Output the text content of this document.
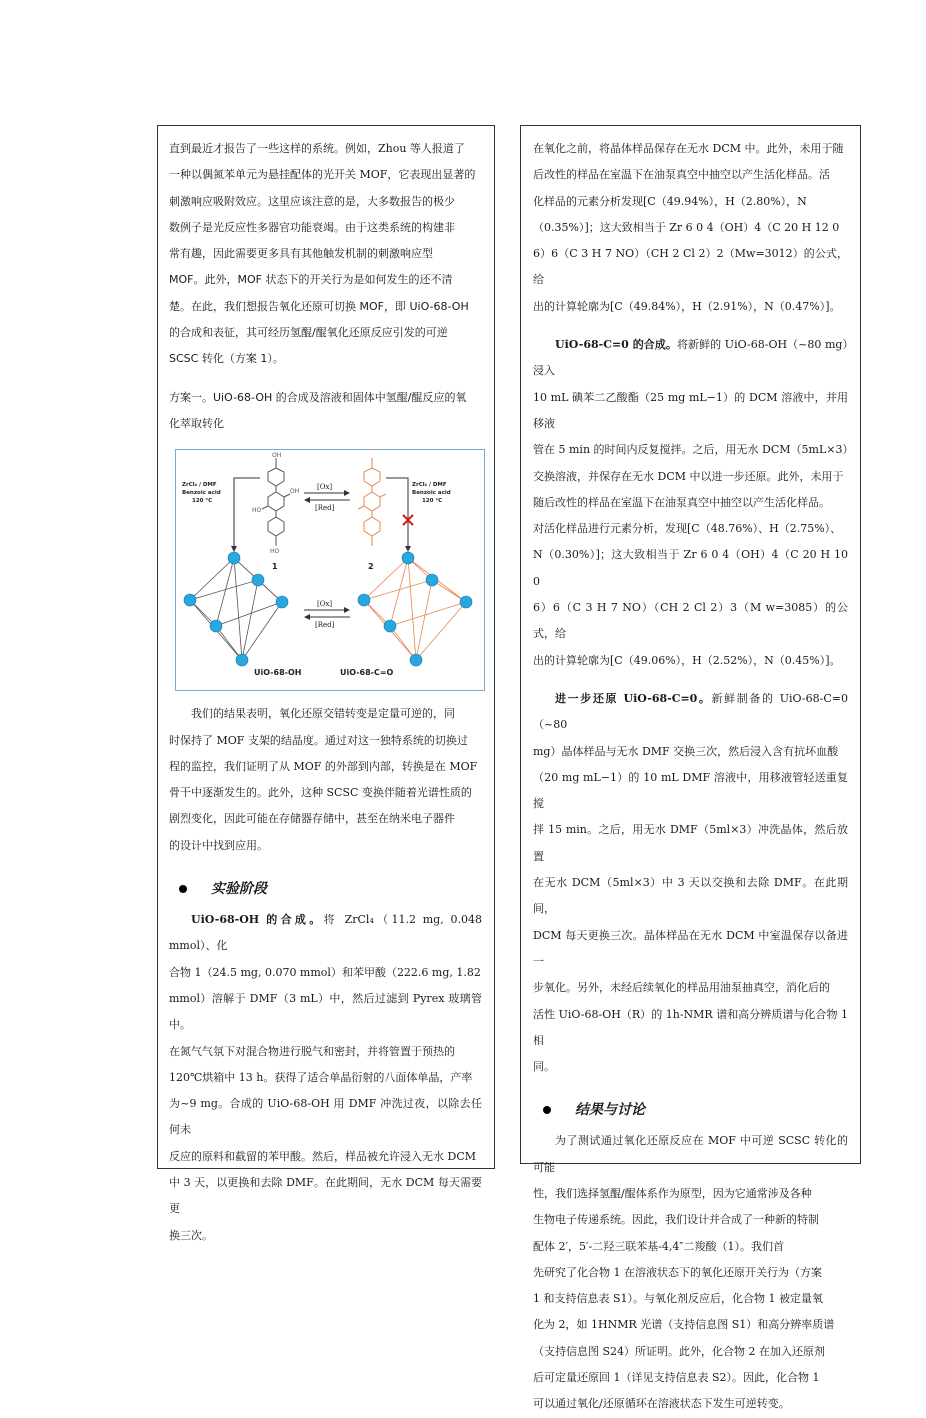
直到最近才报告了一些这样的系统。例如，Zhou 等人报道了

一种以偶氮苯单元为悬挂配体的光开关 MOF，它表现出显著的

刺激响应吸附效应。这里应该注意的是，大多数报告的极少

数例子是光反应性多器官功能衰竭。由于这类系统的构建非

常有趣，因此需要更多具有其他触发机制的刺激响应型

MOF。此外，MOF 状态下的开关行为是如何发生的还不清

楚。在此，我们想报告氧化还原可切换 MOF，即 UiO-68-OH

的合成和表征，其可经历氢醌/醌氧化还原反应引发的可逆

SCSC 转化（方案 1）。

方案一。UiO-68-OH 的合成及溶液和固体中氢醌/醌反应的氧

化萃取转化

OH
OH
HO
HO
1	2
[Ox]
[Red]
ZrCl₄ / DMF
Benzoic acid
120 °C
ZrCl₄ / DMF
Benzoic acid
120 °C
UiO-68-OH	UiO-68-C=O
[Ox]
[Red]

我们的结果表明，氧化还原交错转变是定量可逆的，同

时保持了 MOF 支架的结晶度。通过对这一独特系统的切换过

程的监控，我们证明了从 MOF 的外部到内部，转换是在 MOF

骨干中逐渐发生的。此外，这种 SCSC 变换伴随着光谱性质的

剧烈变化，因此可能在存储器存储中，甚至在纳米电子器件

的设计中找到应用。

实验阶段

UiO-68-OH 的合成。将 ZrCl₄（11.2 mg, 0.048 mmol）、化

合物 1（24.5 mg, 0.070 mmol）和苯甲酸（222.6 mg, 1.82

mmol）溶解于 DMF（3 mL）中，然后过滤到 Pyrex 玻璃管中。

在氮气气氛下对混合物进行脱气和密封，并将管置于预热的

120℃烘箱中 13 h。获得了适合单晶衍射的八面体单晶，产率

为~9 mg。合成的 UiO-68-OH 用 DMF 冲洗过夜，以除去任何未

反应的原料和截留的苯甲酸。然后，样品被允许浸入无水 DCM

中 3 天，以更换和去除 DMF。在此期间，无水 DCM 每天需要更

换三次。

在氧化之前，将晶体样品保存在无水 DCM 中。此外，未用于随

后改性的样品在室温下在油泵真空中抽空以产生活化样品。活

化样品的元素分析发现[C（49.94%），H（2.80%），N

（0.35%）]；这大致相当于 Zr 6 0 4（OH）4（C 20 H 12 0

6）6（C 3 H 7 NO）（CH 2 Cl 2）2（Mw=3012）的公式，给

出的计算轮廓为[C（49.84%），H（2.91%），N（0.47%）]。

UiO-68-C=0 的合成。将新鲜的 UiO-68-OH（~80 mg）浸入

10 mL 碘苯二乙酸酯（25 mg mL−1）的 DCM 溶液中，并用移液

管在 5 min 的时间内反复搅拌。之后，用无水 DCM（5mL×3）

交换溶液，并保存在无水 DCM 中以进一步还原。此外，未用于

随后改性的样品在室温下在油泵真空中抽空以产生活化样品。

对活化样品进行元素分析，发现[C（48.76%）、H（2.75%）、

N（0.30%）]；这大致相当于 Zr 6 0 4（OH）4（C 20 H 10 0

6）6（C 3 H 7 NO）（CH 2 Cl 2）3（M w=3085）的公式，给

出的计算轮廓为[C（49.06%），H（2.52%），N（0.45%）]。

进一步还原 UiO-68-C=0。新鲜制备的 UiO-68-C=0（~80

mg）晶体样品与无水 DMF 交换三次，然后浸入含有抗坏血酸

（20 mg mL−1）的 10 mL DMF 溶液中，用移液管轻送重复搅

拌 15 min。之后，用无水 DMF（5ml×3）冲洗晶体，然后放置

在无水 DCM（5ml×3）中 3 天以交换和去除 DMF。在此期间，

DCM 每天更换三次。晶体样品在无水 DCM 中室温保存以备进一

步氧化。另外，未经后续氧化的样品用油泵抽真空，消化后的

活性 UiO-68-OH（R）的 1h-NMR 谱和高分辨质谱与化合物 1 相

同。

结果与讨论

为了测试通过氧化还原反应在 MOF 中可逆 SCSC 转化的可能

性，我们选择氢醌/醌体系作为原型，因为它通常涉及各种

生物电子传递系统。因此，我们设计并合成了一种新的特制

配体 2′，5′-二羟三联苯基-4,4″二羧酸（1）。我们首

先研究了化合物 1 在溶液状态下的氧化还原开关行为（方案

1 和支持信息表 S1）。与氧化剂反应后，化合物 1 被定量氧

化为 2，如 1HNMR 光谱（支持信息图 S1）和高分辨率质谱

（支持信息图 S24）所证明。此外，化合物 2 在加入还原剂

后可定量还原回 1（详见支持信息表 S2）。因此，化合物 1

可以通过氧化/还原循环在溶液状态下发生可逆转变。
